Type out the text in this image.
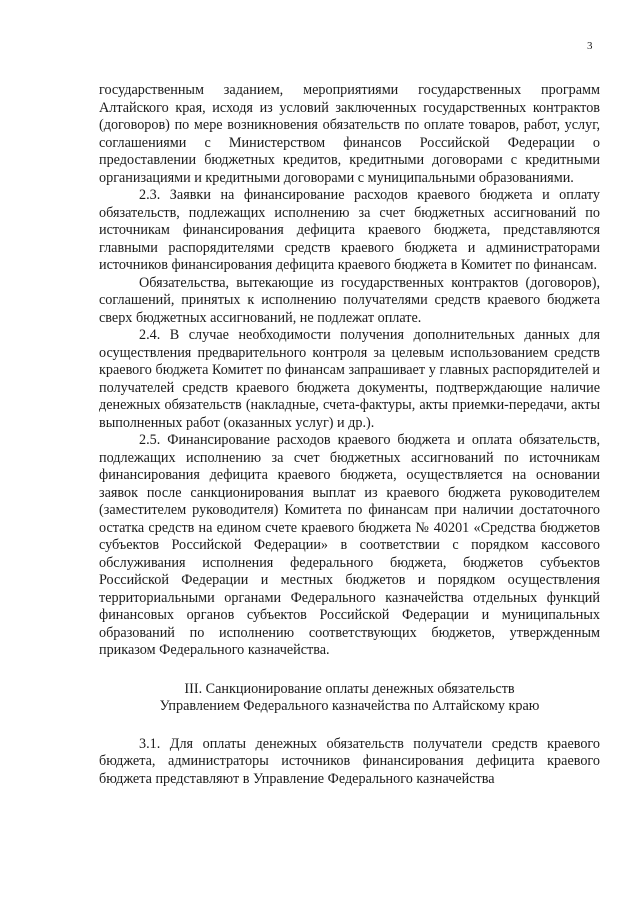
3

государственным заданием, мероприятиями государственных программ Алтайского края, исходя из условий заключенных государственных контрактов (договоров) по мере возникновения обязательств по оплате товаров, работ, услуг, соглашениями с Министерством финансов Российской Федерации о предоставлении бюджетных кредитов, кредитными договорами с кредитными организациями и кредитными договорами с муниципальными образованиями.

2.3. Заявки на финансирование расходов краевого бюджета и оплату обязательств, подлежащих исполнению за счет бюджетных ассигнований по источникам финансирования дефицита краевого бюджета, представляются главными распорядителями средств краевого бюджета и администраторами источников финансирования дефицита краевого бюджета в Комитет по финансам.

Обязательства, вытекающие из государственных контрактов (договоров), соглашений, принятых к исполнению получателями средств краевого бюджета сверх бюджетных ассигнований, не подлежат оплате.

2.4. В случае необходимости получения дополнительных данных для осуществления предварительного контроля за целевым использованием средств краевого бюджета Комитет по финансам запрашивает у главных распорядителей и получателей средств краевого бюджета документы, подтверждающие наличие денежных обязательств (накладные, счета-фактуры, акты приемки-передачи, акты выполненных работ (оказанных услуг) и др.).

2.5. Финансирование расходов краевого бюджета и оплата обязательств, подлежащих исполнению за счет бюджетных ассигнований по источникам финансирования дефицита краевого бюджета, осуществляется на основании заявок после санкционирования выплат из краевого бюджета руководителем (заместителем руководителя) Комитета по финансам при наличии достаточного остатка средств на едином счете краевого бюджета № 40201 «Средства бюджетов субъектов Российской Федерации» в соответствии с порядком кассового обслуживания исполнения федерального бюджета, бюджетов субъектов Российской Федерации и местных бюджетов и порядком осуществления территориальными органами Федерального казначейства отдельных функций финансовых органов субъектов Российской Федерации и муниципальных образований по исполнению соответствующих бюджетов, утвержденным приказом Федерального казначейства.

III. Санкционирование оплаты денежных обязательств
Управлением Федерального казначейства по Алтайскому краю

3.1. Для оплаты денежных обязательств получатели средств краевого бюджета, администраторы источников финансирования дефицита краевого бюджета представляют в Управление Федерального казначейства
